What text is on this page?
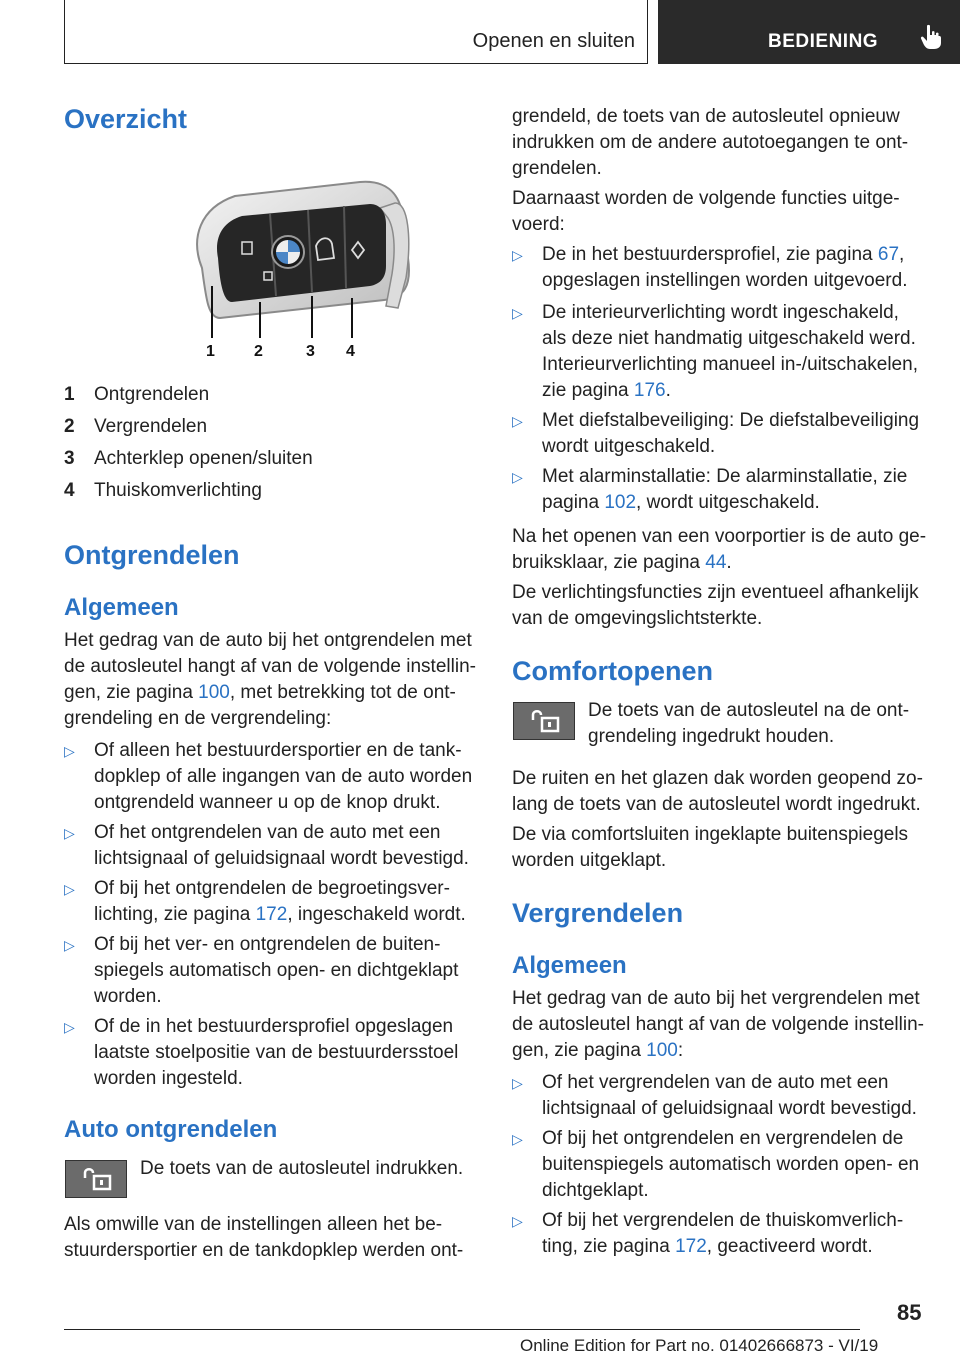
Openen en sluiten	BEDIENING
Overzicht
1 2	3 4
1 Ontgrendelen
2 Vergrendelen
3 Achterklep openen/sluiten
4 Thuiskomverlichting
Ontgrendelen
Algemeen
Het gedrag van de auto bij het ontgrendelen met
de autosleutel hangt af van de volgende instellin-
gen, zie pagina 100, met betrekking tot de ont-
grendeling en de vergrendeling:
▷ Of alleen het bestuurdersportier en de tank-
dopklep of alle ingangen van de auto worden
ontgrendeld wanneer u op de knop drukt.
▷ Of het ontgrendelen van de auto met een
lichtsignaal of geluidsignaal wordt bevestigd.
▷ Of bij het ontgrendelen de begroetingsver-
lichting, zie pagina 172, ingeschakeld wordt.
▷ Of bij het ver- en ontgrendelen de buiten-
spiegels automatisch open- en dichtgeklapt
worden.
▷ Of de in het bestuurdersprofiel opgeslagen
laatste stoelpositie van de bestuurdersstoel
worden ingesteld.
Auto ontgrendelen
De toets van de autosleutel indrukken.
Als omwille van de instellingen alleen het be-
stuurdersportier en de tankdopklep werden ont-
grendeld, de toets van de autosleutel opnieuw
indrukken om de andere autotoegangen te ont-
grendelen.
Daarnaast worden de volgende functies uitge-
voerd:
▷ De in het bestuurdersprofiel, zie pagina 67,
opgeslagen instellingen worden uitgevoerd.
▷ De interieurverlichting wordt ingeschakeld,
als deze niet handmatig uitgeschakeld werd.
Interieurverlichting manueel in-/uitschakelen,
zie pagina 176.
▷ Met diefstalbeveiliging: De diefstalbeveiliging
wordt uitgeschakeld.
▷ Met alarminstallatie: De alarminstallatie, zie
pagina 102, wordt uitgeschakeld.
Na het openen van een voorportier is de auto ge-
bruiksklaar, zie pagina 44.
De verlichtingsfuncties zijn eventueel afhankelijk
van de omgevingslichtsterkte.
Comfortopenen
De toets van de autosleutel na de ont-
grendeling ingedrukt houden.
De ruiten en het glazen dak worden geopend zo-
lang de toets van de autosleutel wordt ingedrukt.
De via comfortsluiten ingeklapte buitenspiegels
worden uitgeklapt.
Vergrendelen
Algemeen
Het gedrag van de auto bij het vergrendelen met
de autosleutel hangt af van de volgende instellin-
gen, zie pagina 100:
▷ Of het vergrendelen van de auto met een
lichtsignaal of geluidsignaal wordt bevestigd.
▷ Of bij het ontgrendelen en vergrendelen de
buitenspiegels automatisch worden open- en
dichtgeklapt.
▷ Of bij het vergrendelen de thuiskomverlich-
ting, zie pagina 172, geactiveerd wordt.
85
Online Edition for Part no. 01402666873 - VI/19
